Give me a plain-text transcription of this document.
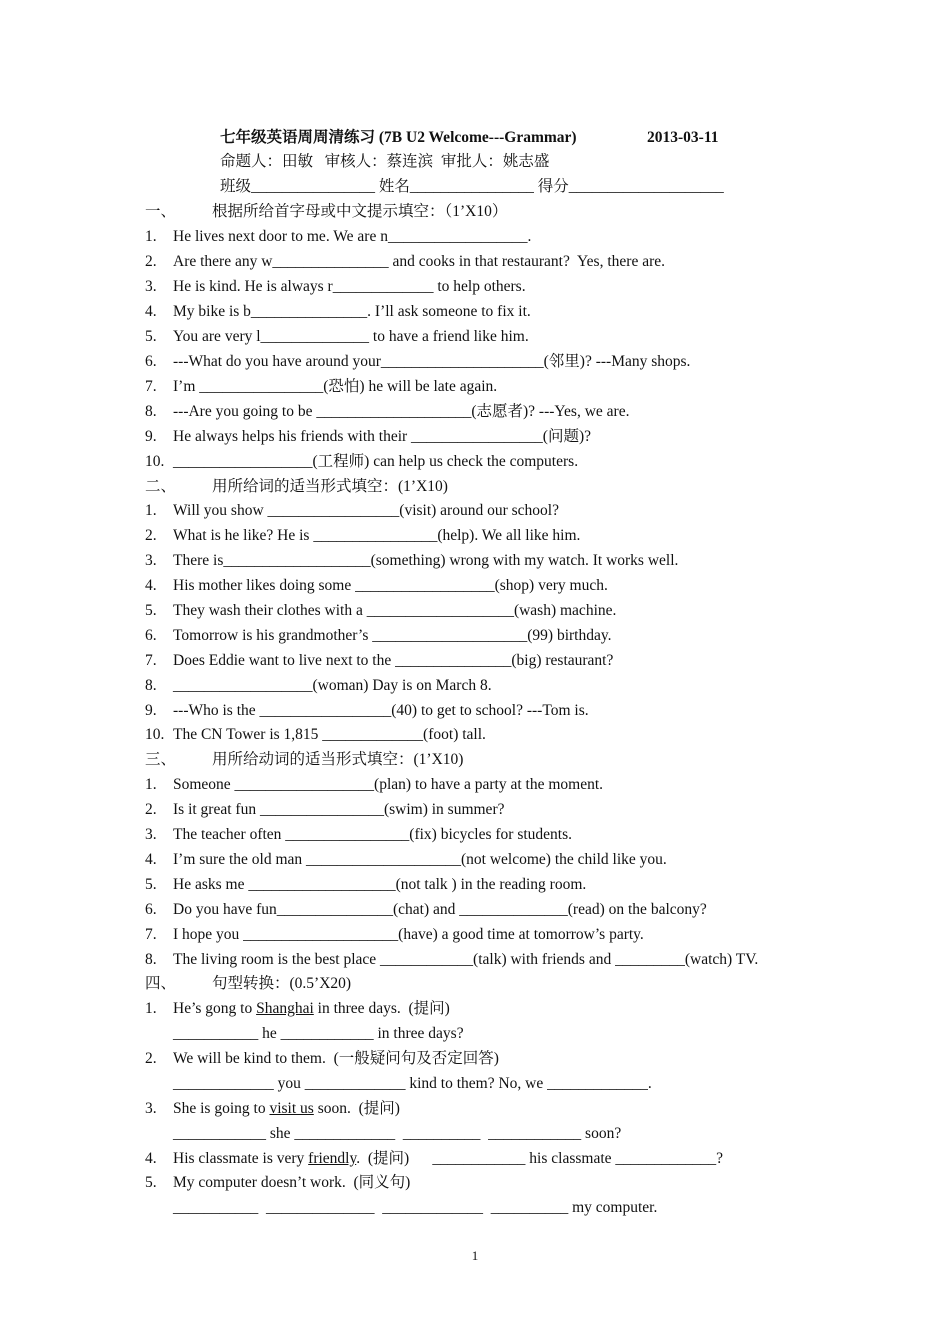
七年级英语周周清练习 (7B U2 Welcome---Grammar)	2013-03-11
命题人：田敏   审核人：蔡连滨  审批人：姚志盛
班级________________ 姓名________________ 得分____________________
一、 根据所给首字母或中文提示填空：（1’X10）
1. He lives next door to me. We are n__________________.
2. Are there any w_______________ and cooks in that restaurant?  Yes, there are.
3. He is kind. He is always r_____________ to help others.
4. My bike is b_______________. I’ll ask someone to fix it.
5. You are very l______________ to have a friend like him.
6. ---What do you have around your_____________________(邻里)? ---Many shops.
7. I’m ________________(恐怕) he will be late again.
8. ---Are you going to be ____________________(志愿者)? ---Yes, we are.
9. He always helps his friends with their _________________(问题)?
10. __________________(工程师) can help us check the computers.
二、 用所给词的适当形式填空：(1’X10)
1. Will you show _________________(visit) around our school?
2. What is he like? He is ________________(help). We all like him.
3. There is___________________(something) wrong with my watch. It works well.
4. His mother likes doing some __________________(shop) very much.
5. They wash their clothes with a ___________________(wash) machine.
6. Tomorrow is his grandmother’s ____________________(99) birthday.
7. Does Eddie want to live next to the _______________(big) restaurant?
8. __________________(woman) Day is on March 8.
9. ---Who is the _________________(40) to get to school? ---Tom is.
10. The CN Tower is 1,815 _____________(foot) tall.
三、 用所给动词的适当形式填空：(1’X10)
1. Someone __________________(plan) to have a party at the moment.
2. Is it great fun ________________(swim) in summer?
3. The teacher often ________________(fix) bicycles for students.
4. I’m sure the old man ____________________(not welcome) the child like you.
5. He asks me ___________________(not talk ) in the reading room.
6. Do you have fun_______________(chat) and ______________(read) on the balcony?
7. I hope you ____________________(have) a good time at tomorrow’s party.
8. The living room is the best place ____________(talk) with friends and _________(watch) TV.
四、 句型转换：(0.5’X20)
1. He’s gong to Shanghai in three days.  (提问)
___________ he ____________ in three days?
2. We will be kind to them.  (一般疑问句及否定回答)
_____________ you _____________ kind to them? No, we _____________.
3. She is going to visit us soon.  (提问)
____________ she _____________  __________  ____________ soon?
4. His classmate is very friendly.  (提问)      ____________ his classmate _____________?
5. My computer doesn’t work.  (同义句)
___________  ______________  _____________  __________ my computer.
1
